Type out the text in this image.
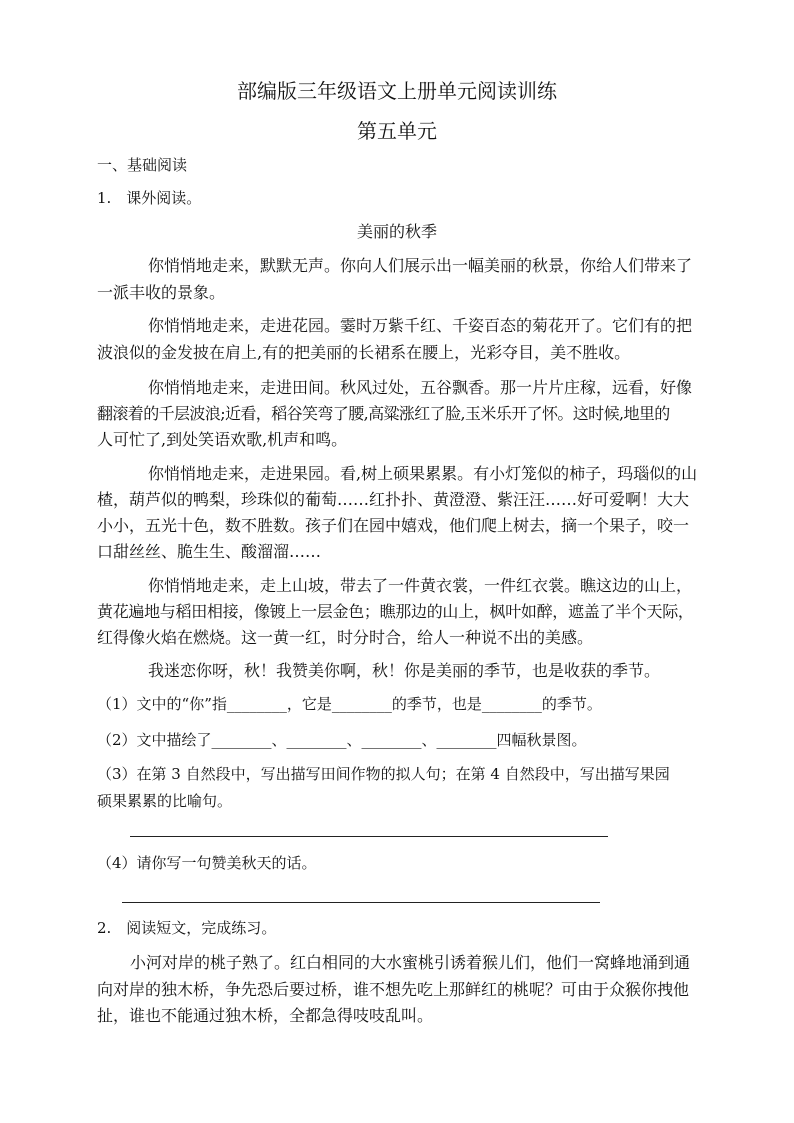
部编版三年级语文上册单元阅读训练
第五单元
一、基础阅读
1.　课外阅读。
美丽的秋季
你悄悄地走来，默默无声。你向人们展示出一幅美丽的秋景，你给人们带来了
一派丰收的景象。
你悄悄地走来，走进花园。霎时万紫千红、千姿百态的菊花开了。它们有的把
波浪似的金发披在肩上,有的把美丽的长裙系在腰上，光彩夺目，美不胜收。
你悄悄地走来，走进田间。秋风过处，五谷飘香。那一片片庄稼，远看，好像
翻滚着的千层波浪;近看，稻谷笑弯了腰,高粱涨红了脸,玉米乐开了怀。这时候,地里的
人可忙了,到处笑语欢歌,机声和鸣。
你悄悄地走来，走进果园。看,树上硕果累累。有小灯笼似的柿子，玛瑙似的山
楂，葫芦似的鸭梨，珍珠似的葡萄……红扑扑、黄澄澄、紫汪汪……好可爱啊！大大
小小，五光十色，数不胜数。孩子们在园中嬉戏，他们爬上树去，摘一个果子，咬一
口甜丝丝、脆生生、酸溜溜……
你悄悄地走来，走上山坡，带去了一件黄衣裳，一件红衣裳。瞧这边的山上，
黄花遍地与稻田相接，像镀上一层金色；瞧那边的山上，枫叶如醉，遮盖了半个天际，
红得像火焰在燃烧。这一黄一红，时分时合，给人一种说不出的美感。
我迷恋你呀，秋！我赞美你啊，秋！你是美丽的季节，也是收获的季节。
（1）文中的“你”指________，它是________的季节，也是________的季节。
（2）文中描绘了________、________、________、________四幅秋景图。
（3）在第 3 自然段中，写出描写田间作物的拟人句；在第 4 自然段中，写出描写果园
硕果累累的比喻句。
（4）请你写一句赞美秋天的话。
2.　阅读短文，完成练习。
小河对岸的桃子熟了。红白相同的大水蜜桃引诱着猴儿们，他们一窝蜂地涌到通
向对岸的独木桥，争先恐后要过桥，谁不想先吃上那鲜红的桃呢？可由于众猴你拽他
扯，谁也不能通过独木桥，全都急得吱吱乱叫。
